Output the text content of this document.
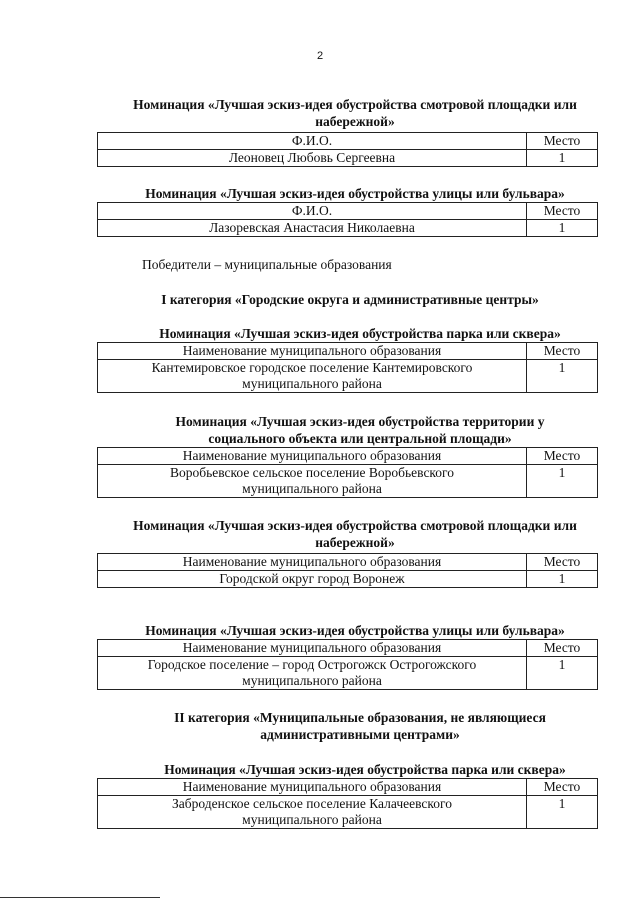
2
Номинация «Лучшая эскиз-идея обустройства смотровой площадки или набережной»
Ф.И.О.	Место
Леоновец Любовь Сергеевна	1
Номинация «Лучшая эскиз-идея обустройства улицы или бульвара»
Ф.И.О.	Место
Лазоревская Анастасия Николаевна	1
Победители – муниципальные образования
I категория «Городские округа и административные центры»
Номинация «Лучшая эскиз-идея обустройства парка или сквера»
Наименование муниципального образования	Место
Кантемировское городское поселение Кантемировского муниципального района	1
Номинация «Лучшая эскиз-идея обустройства территории у социального объекта или центральной площади»
Наименование муниципального образования	Место
Воробьевское сельское поселение Воробьевского муниципального района	1
Номинация «Лучшая эскиз-идея обустройства смотровой площадки или набережной»
Наименование муниципального образования	Место
Городской округ город Воронеж	1
Номинация «Лучшая эскиз-идея обустройства улицы или бульвара»
Наименование муниципального образования	Место
Городское поселение – город Острогожск Острогожского муниципального района	1
II категория «Муниципальные образования, не являющиеся административными центрами»
Номинация «Лучшая эскиз-идея обустройства парка или сквера»
Наименование муниципального образования	Место
Заброденское сельское поселение Калачеевского муниципального района	1
